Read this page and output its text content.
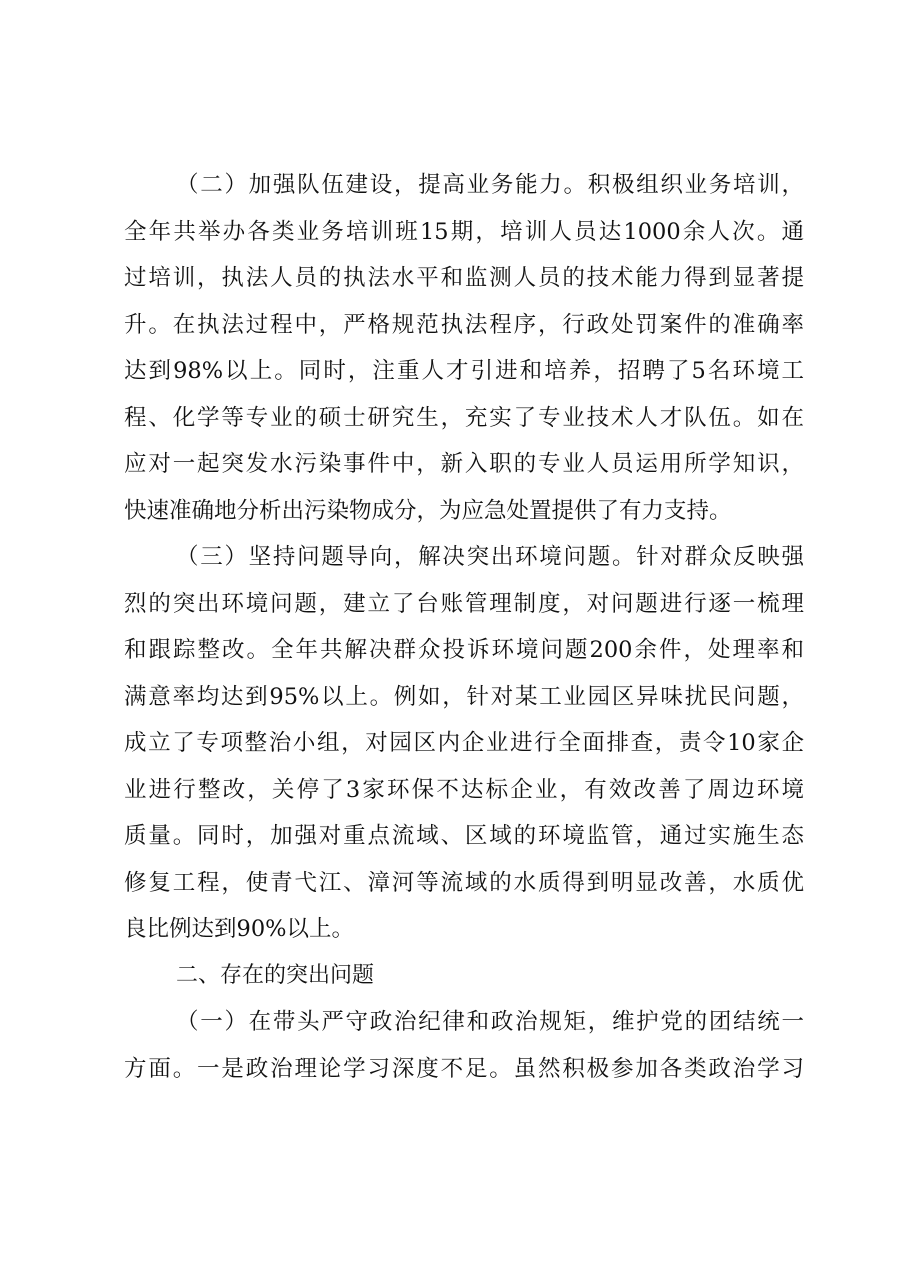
（二）加强队伍建设，提高业务能力。积极组织业务培训，
全年共举办各类业务培训班15期，培训人员达1000余人次。通
过培训，执法人员的执法水平和监测人员的技术能力得到显著提
升。在执法过程中，严格规范执法程序，行政处罚案件的准确率
达到98%以上。同时，注重人才引进和培养，招聘了5名环境工
程、化学等专业的硕士研究生，充实了专业技术人才队伍。如在
应对一起突发水污染事件中，新入职的专业人员运用所学知识，
快速准确地分析出污染物成分，为应急处置提供了有力支持。
（三）坚持问题导向，解决突出环境问题。针对群众反映强
烈的突出环境问题，建立了台账管理制度，对问题进行逐一梳理
和跟踪整改。全年共解决群众投诉环境问题200余件，处理率和
满意率均达到95%以上。例如，针对某工业园区异味扰民问题，
成立了专项整治小组，对园区内企业进行全面排查，责令10家企
业进行整改，关停了3家环保不达标企业，有效改善了周边环境
质量。同时，加强对重点流域、区域的环境监管，通过实施生态
修复工程，使青弋江、漳河等流域的水质得到明显改善，水质优
良比例达到90%以上。
二、存在的突出问题
（一）在带头严守政治纪律和政治规矩，维护党的团结统一
方面。一是政治理论学习深度不足。虽然积极参加各类政治学习
